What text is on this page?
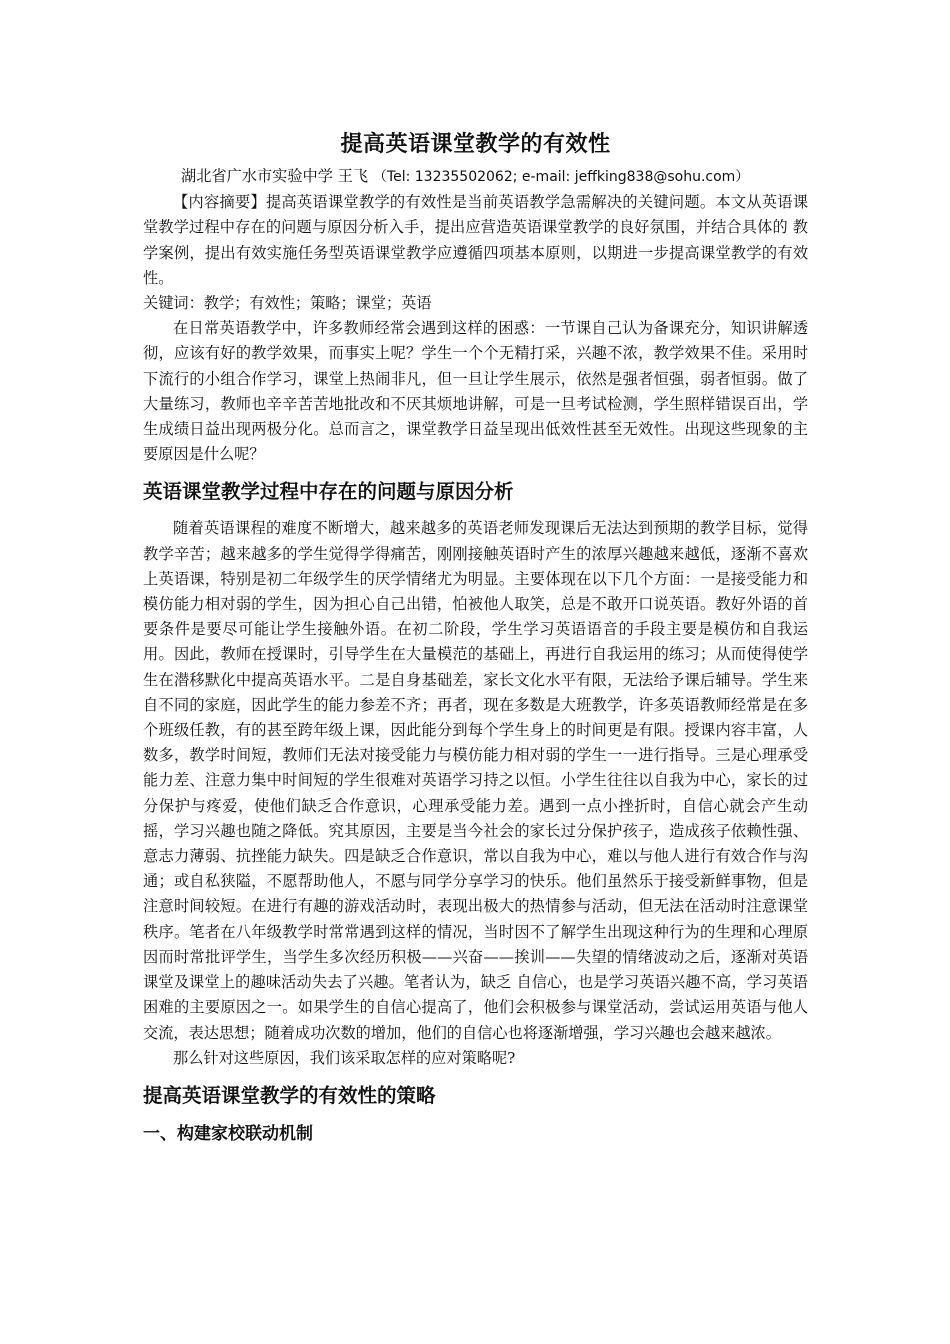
提高英语课堂教学的有效性

湖北省广水市实验中学 王飞 （Tel: 13235502062; e-mail: jeffking838@sohu.com）

【内容摘要】提高英语课堂教学的有效性是当前英语教学急需解决的关键问题。本文从英语课堂教学过程中存在的问题与原因分析入手，提出应营造英语课堂教学的良好氛围，并结合具体的 教学案例，提出有效实施任务型英语课堂教学应遵循四项基本原则，以期进一步提高课堂教学的有效性。

关键词：教学；有效性；策略；课堂；英语

在日常英语教学中，许多教师经常会遇到这样的困惑：一节课自己认为备课充分，知识讲解透彻，应该有好的教学效果，而事实上呢？学生一个个无精打采，兴趣不浓，教学效果不佳。采用时下流行的小组合作学习，课堂上热闹非凡，但一旦让学生展示，依然是强者恒强，弱者恒弱。做了大量练习，教师也辛辛苦苦地批改和不厌其烦地讲解，可是一旦考试检测，学生照样错误百出，学生成绩日益出现两极分化。总而言之，课堂教学日益呈现出低效性甚至无效性。出现这些现象的主要原因是什么呢？

英语课堂教学过程中存在的问题与原因分析

随着英语课程的难度不断增大，越来越多的英语老师发现课后无法达到预期的教学目标，觉得教学辛苦；越来越多的学生觉得学得痛苦，刚刚接触英语时产生的浓厚兴趣越来越低，逐渐不喜欢上英语课，特别是初二年级学生的厌学情绪尤为明显。主要体现在以下几个方面：一是接受能力和模仿能力相对弱的学生，因为担心自己出错，怕被他人取笑，总是不敢开口说英语。教好外语的首要条件是要尽可能让学生接触外语。在初二阶段，学生学习英语语音的手段主要是模仿和自我运用。因此，教师在授课时，引导学生在大量模范的基础上，再进行自我运用的练习；从而使得使学生在潜移默化中提高英语水平。二是自身基础差，家长文化水平有限，无法给予课后辅导。学生来自不同的家庭，因此学生的能力参差不齐；再者，现在多数是大班教学，许多英语教师经常是在多个班级任教，有的甚至跨年级上课，因此能分到每个学生身上的时间更是有限。授课内容丰富，人数多，教学时间短，教师们无法对接受能力与模仿能力相对弱的学生一一进行指导。三是心理承受能力差、注意力集中时间短的学生很难对英语学习持之以恒。小学生往往以自我为中心，家长的过分保护与疼爱，使他们缺乏合作意识，心理承受能力差。遇到一点小挫折时，自信心就会产生动摇，学习兴趣也随之降低。究其原因，主要是当今社会的家长过分保护孩子，造成孩子依赖性强、意志力薄弱、抗挫能力缺失。四是缺乏合作意识，常以自我为中心，难以与他人进行有效合作与沟通；或自私狭隘，不愿帮助他人，不愿与同学分享学习的快乐。他们虽然乐于接受新鲜事物，但是注意时间较短。在进行有趣的游戏活动时，表现出极大的热情参与活动，但无法在活动时注意课堂秩序。笔者在八年级教学时常常遇到这样的情况，当时因不了解学生出现这种行为的生理和心理原因而时常批评学生，当学生多次经历积极——兴奋——挨训——失望的情绪波动之后，逐渐对英语课堂及课堂上的趣味活动失去了兴趣。笔者认为，缺乏 自信心，也是学习英语兴趣不高，学习英语困难的主要原因之一。如果学生的自信心提高了，他们会积极参与课堂活动，尝试运用英语与他人交流，表达思想；随着成功次数的增加，他们的自信心也将逐渐增强，学习兴趣也会越来越浓。

那么针对这些原因，我们该采取怎样的应对策略呢?

提高英语课堂教学的有效性的策略
一、构建家校联动机制
